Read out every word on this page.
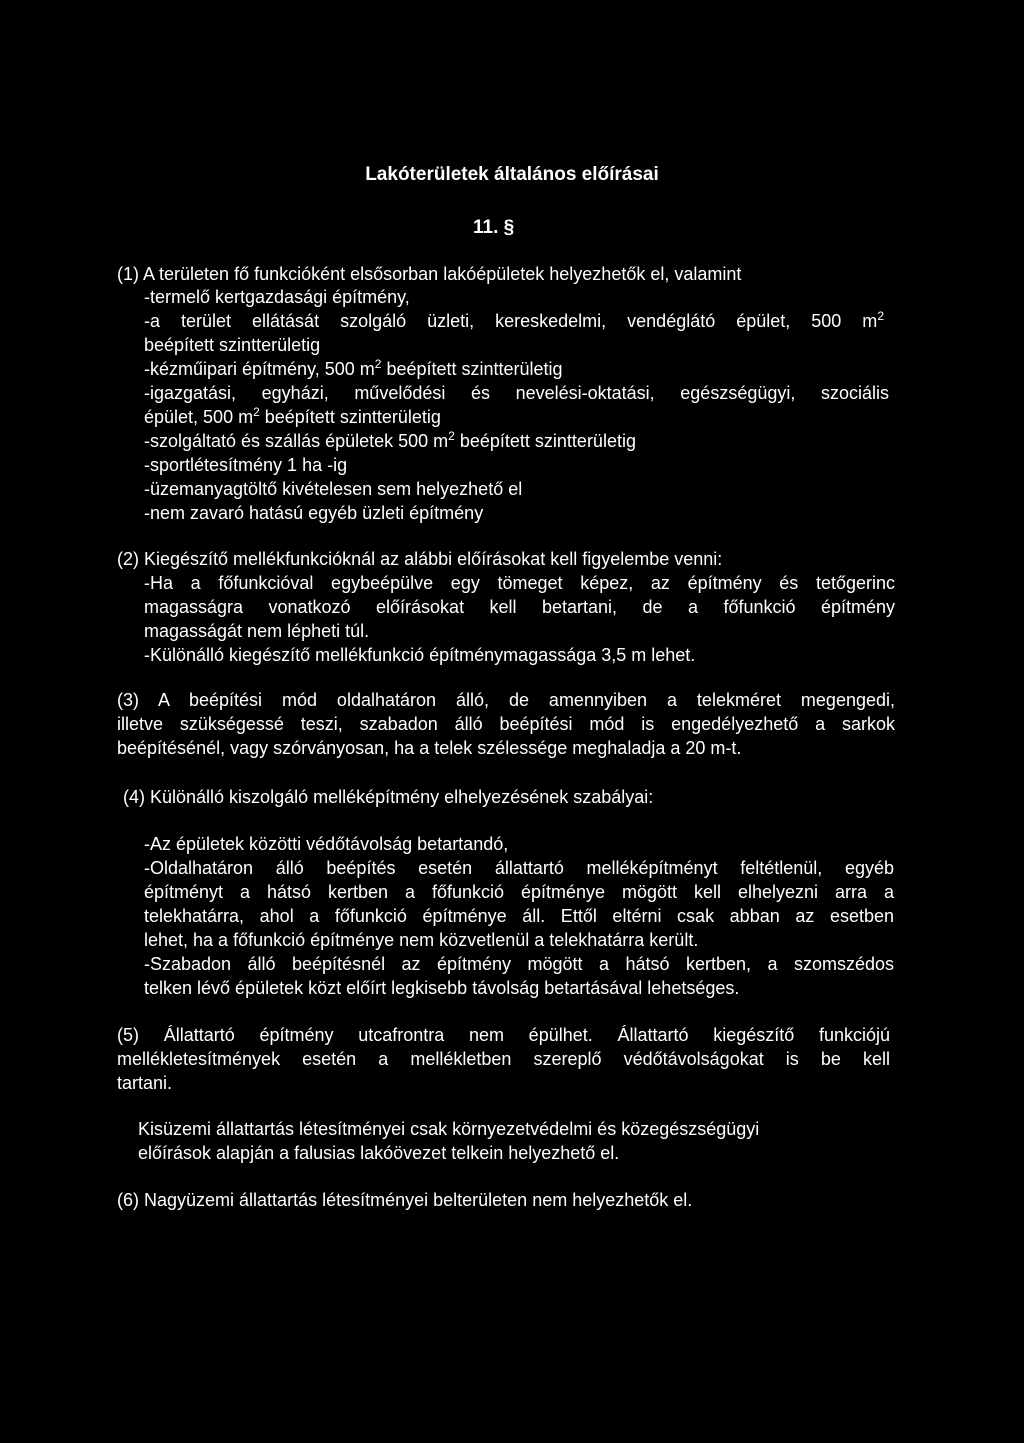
Lakóterületek általános előírásai
11. §
(1) A területen fő funkcióként elsősorban lakóépületek helyezhetők el, valamint
-termelő kertgazdasági építmény,
-a terület ellátását szolgáló üzleti, kereskedelmi, vendéglátó épület, 500 $m^2$
beépített szintterületig
-kézműipari építmény, 500 $m^2$ beépített szintterületig
-igazgatási, egyházi, művelődési és nevelési-oktatási, egészségügyi, szociális
épület, 500 $m^2$ beépített szintterületig
-szolgáltató és szállás épületek 500 $m^2$ beépített szintterületig
-sportlétesítmény 1 ha -ig
-üzemanyagtöltő kivételesen sem helyezhető el
-nem zavaró hatású egyéb üzleti építmény
(2) Kiegészítő mellékfunkcióknál az alábbi előírásokat kell figyelembe venni:
-Ha a főfunkcióval egybeépülve egy tömeget képez, az építmény és tetőgerinc
magasságra vonatkozó előírásokat kell betartani, de a főfunkció építmény
magasságát nem lépheti túl.
-Különálló kiegészítő mellékfunkció építménymagassága 3,5 m lehet.
(3) A beépítési mód oldalhatáron álló, de amennyiben a telekméret megengedi,
illetve szükségessé teszi, szabadon álló beépítési mód is engedélyezhető a sarkok
beépítésénél, vagy szórványosan, ha a telek szélessége meghaladja a 20 m-t.
(4) Különálló kiszolgáló melléképítmény elhelyezésének szabályai:
-Az épületek közötti védőtávolság betartandó,
-Oldalhatáron álló beépítés esetén állattartó melléképítményt feltétlenül, egyéb
építményt a hátsó kertben a főfunkció építménye mögött kell elhelyezni arra a
telekhatárra, ahol a főfunkció építménye áll. Ettől eltérni csak abban az esetben
lehet, ha a főfunkció építménye nem közvetlenül a telekhatárra került.
-Szabadon álló beépítésnél az építmény mögött a hátsó kertben, a szomszédos
telken lévő épületek közt előírt legkisebb távolság betartásával lehetséges.
(5) Állattartó építmény utcafrontra nem épülhet. Állattartó kiegészítő funkciójú
mellékletesítmények esetén a mellékletben szereplő védőtávolságokat is be kell
tartani.
Kisüzemi állattartás létesítményei csak környezetvédelmi és közegészségügyi
előírások alapján a falusias lakóövezet telkein helyezhető el.
(6) Nagyüzemi állattartás létesítményei belterületen nem helyezhetők el.
